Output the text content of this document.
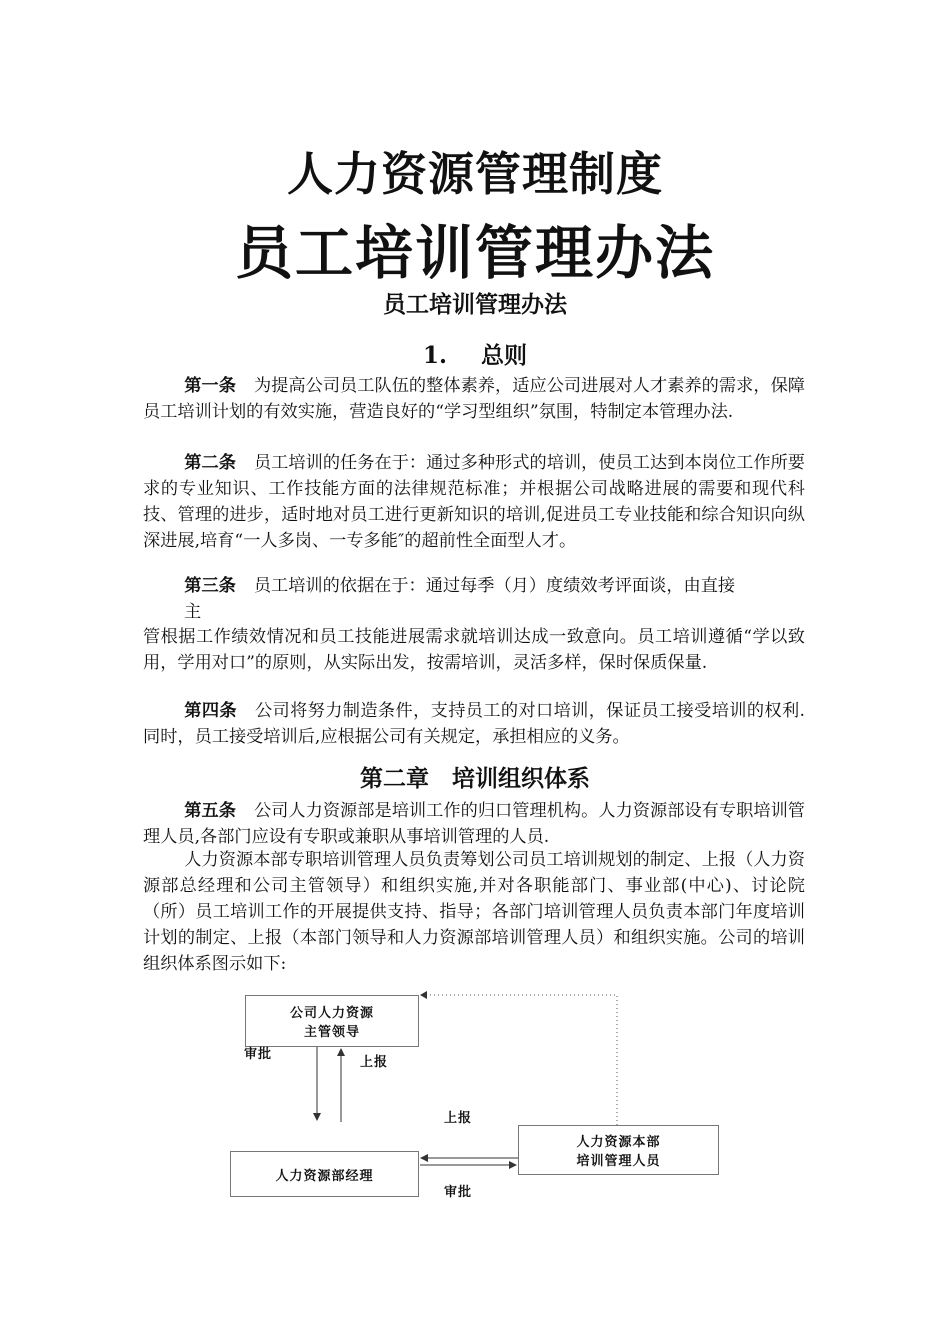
人力资源管理制度
员工培训管理办法
员工培训管理办法
1. 总则

第一条 为提高公司员工队伍的整体素养，适应公司进展对人才素养的需求，保障员工培训计划的有效实施，营造良好的“学习型组织”氛围，特制定本管理办法.

第二条 员工培训的任务在于：通过多种形式的培训，使员工达到本岗位工作所要求的专业知识、工作技能方面的法律规范标准；并根据公司战略进展的需要和现代科技、管理的进步，适时地对员工进行更新知识的培训,促进员工专业技能和综合知识向纵深进展,培育“一人多岗、一专多能″的超前性全面型人才。

第三条 员工培训的依据在于：通过每季（月）度绩效考评面谈，由直接
主

管根据工作绩效情况和员工技能进展需求就培训达成一致意向。员工培训遵循“学以致用，学用对口”的原则，从实际出发，按需培训，灵活多样，保时保质保量.

第四条 公司将努力制造条件，支持员工的对口培训，保证员工接受培训的权利.同时，员工接受培训后,应根据公司有关规定，承担相应的义务。

第二章　培训组织体系

第五条 公司人力资源部是培训工作的归口管理机构。人力资源部设有专职培训管理人员,各部门应设有专职或兼职从事培训管理的人员.

人力资源本部专职培训管理人员负责筹划公司员工培训规划的制定、上报（人力资源部总经理和公司主管领导）和组织实施,并对各职能部门、事业部(中心)、讨论院（所）员工培训工作的开展提供支持、指导；各部门培训管理人员负责本部门年度培训计划的制定、上报（本部门领导和人力资源部培训管理人员）和组织实施。公司的培训组织体系图示如下:

公司人力资源
主管领导
人力资源部经理
人力资源本部
培训管理人员
审批
上报
上报
审批
